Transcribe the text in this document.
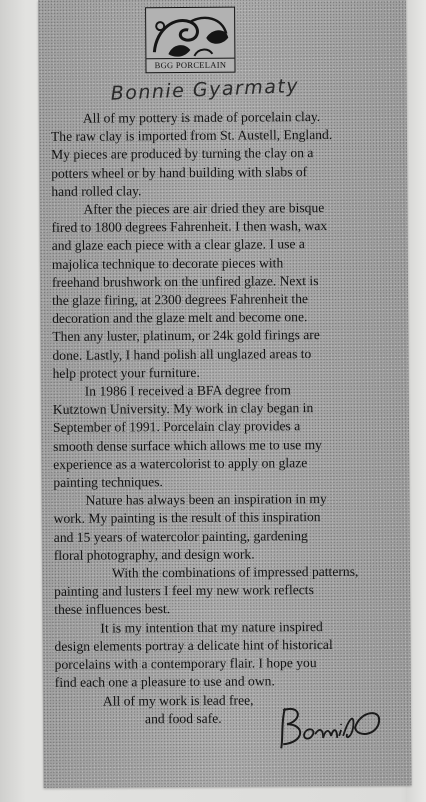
BGG PORCELAIN
Bonnie Gyarmaty
All of my pottery is made of porcelain clay.
The raw clay is imported from St. Austell, England.
My pieces are produced by turning the clay on a
potters wheel or by hand building with slabs of
hand rolled clay.
After the pieces are air dried they are bisque
fired to 1800 degrees Fahrenheit. I then wash, wax
and glaze each piece with a clear glaze. I use a
majolica technique to decorate pieces with
freehand brushwork on the unfired glaze. Next is
the glaze firing, at 2300 degrees Fahrenheit the
decoration and the glaze melt and become one.
Then any luster, platinum, or 24k gold firings are
done. Lastly, I hand polish all unglazed areas to
help protect your furniture.
In 1986 I received a BFA degree from
Kutztown University. My work in clay began in
September of 1991. Porcelain clay provides a
smooth dense surface which allows me to use my
experience as a watercolorist to apply on glaze
painting techniques.
Nature has always been an inspiration in my
work. My painting is the result of this inspiration
and 15 years of watercolor painting, gardening
floral photography, and design work.
With the combinations of impressed patterns,
painting and lusters I feel my new work reflects
these influences best.
It is my intention that my nature inspired
design elements portray a delicate hint of historical
porcelains with a contemporary flair. I hope you
find each one a pleasure to use and own.
All of my work is lead free,
and food safe.
